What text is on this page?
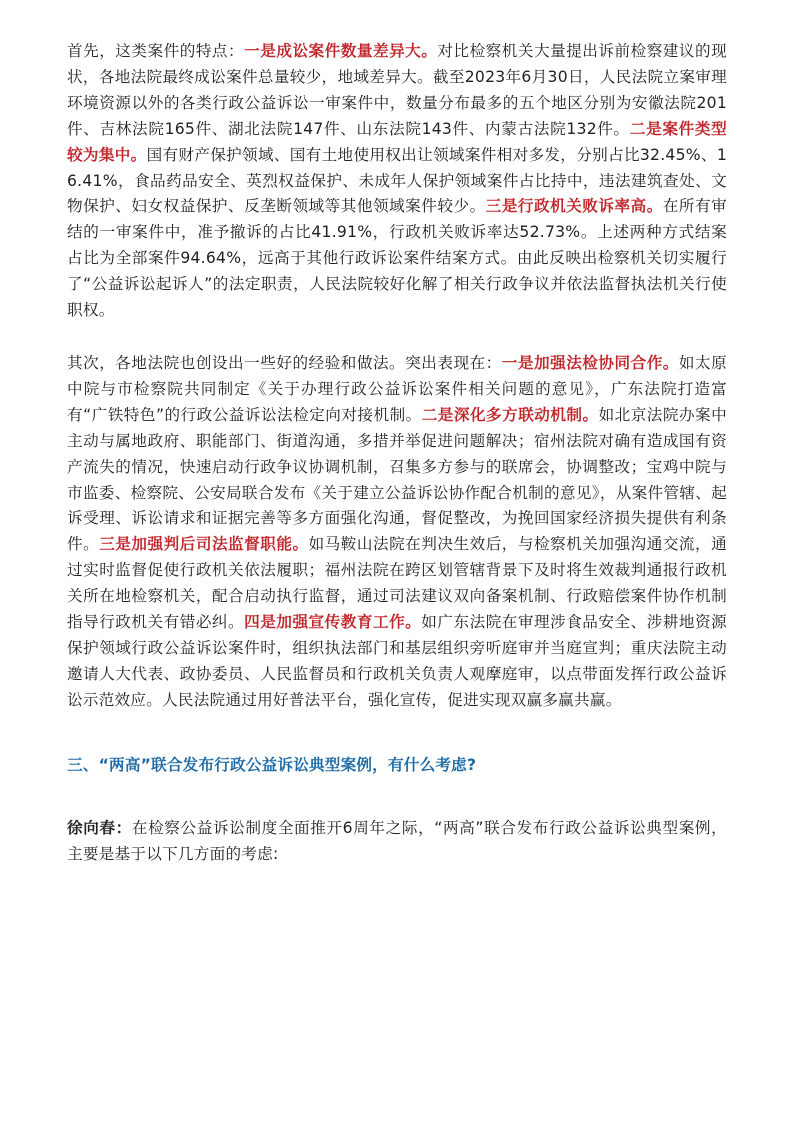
首先，这类案件的特点：一是成讼案件数量差异大。对比检察机关大量提出诉前检察建议的现状，各地法院最终成讼案件总量较少，地域差异大。截至2023年6月30日，人民法院立案审理环境资源以外的各类行政公益诉讼一审案件中，数量分布最多的五个地区分别为安徽法院201件、吉林法院165件、湖北法院147件、山东法院143件、内蒙古法院132件。二是案件类型较为集中。国有财产保护领域、国有土地使用权出让领域案件相对多发，分别占比32.45%、16.41%，食品药品安全、英烈权益保护、未成年人保护领域案件占比持中，违法建筑查处、文物保护、妇女权益保护、反垄断领域等其他领域案件较少。三是行政机关败诉率高。在所有审结的一审案件中，准予撤诉的占比41.91%，行政机关败诉率达52.73%。上述两种方式结案占比为全部案件94.64%，远高于其他行政诉讼案件结案方式。由此反映出检察机关切实履行了“公益诉讼起诉人”的法定职责，人民法院较好化解了相关行政争议并依法监督执法机关行使职权。

其次，各地法院也创设出一些好的经验和做法。突出表现在：一是加强法检协同合作。如太原中院与市检察院共同制定《关于办理行政公益诉讼案件相关问题的意见》，广东法院打造富有“广铁特色”的行政公益诉讼法检定向对接机制。二是深化多方联动机制。如北京法院办案中主动与属地政府、职能部门、街道沟通，多措并举促进问题解决；宿州法院对确有造成国有资产流失的情况，快速启动行政争议协调机制，召集多方参与的联席会，协调整改；宝鸡中院与市监委、检察院、公安局联合发布《关于建立公益诉讼协作配合机制的意见》，从案件管辖、起诉受理、诉讼请求和证据完善等多方面强化沟通，督促整改，为挽回国家经济损失提供有利条件。三是加强判后司法监督职能。如马鞍山法院在判决生效后，与检察机关加强沟通交流，通过实时监督促使行政机关依法履职；福州法院在跨区划管辖背景下及时将生效裁判通报行政机关所在地检察机关，配合启动执行监督，通过司法建议双向备案机制、行政赔偿案件协作机制指导行政机关有错必纠。四是加强宣传教育工作。如广东法院在审理涉食品安全、涉耕地资源保护领域行政公益诉讼案件时，组织执法部门和基层组织旁听庭审并当庭宣判；重庆法院主动邀请人大代表、政协委员、人民监督员和行政机关负责人观摩庭审，以点带面发挥行政公益诉讼示范效应。人民法院通过用好普法平台，强化宣传，促进实现双赢多赢共赢。

三、“两高”联合发布行政公益诉讼典型案例，有什么考虑?

徐向春：在检察公益诉讼制度全面推开6周年之际，“两高”联合发布行政公益诉讼典型案例，主要是基于以下几方面的考虑:
